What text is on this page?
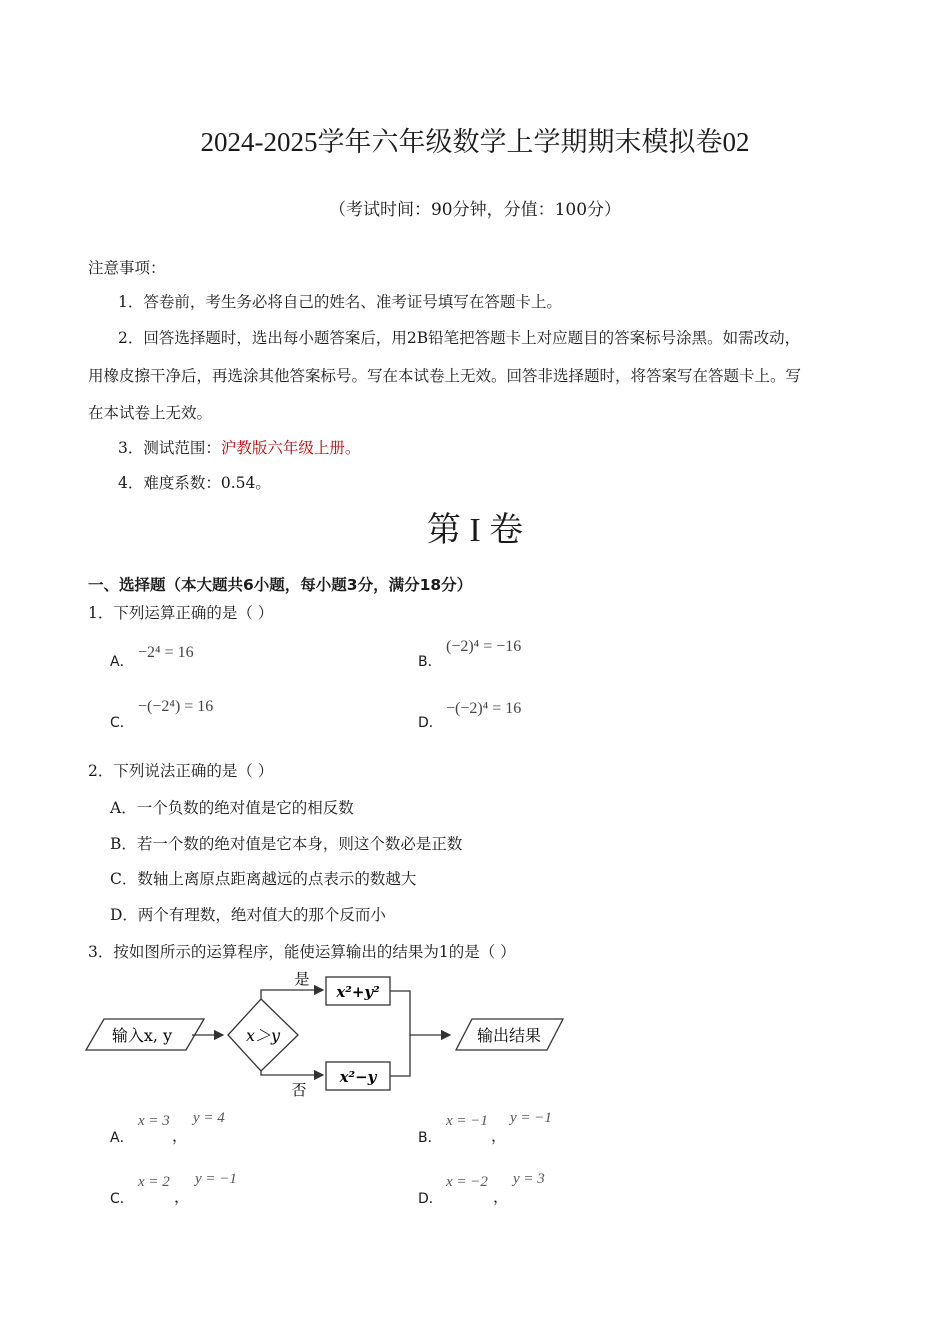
2024-2025学年六年级数学上学期期末模拟卷02
（考试时间：90分钟，分值：100分）
注意事项：
1．答卷前，考生务必将自己的姓名、准考证号填写在答题卡上。
2．回答选择题时，选出每小题答案后，用2B铅笔把答题卡上对应题目的答案标号涂黑。如需改动，
用橡皮擦干净后，再选涂其他答案标号。写在本试卷上无效。回答非选择题时，将答案写在答题卡上。写
在本试卷上无效。
3．测试范围：沪教版六年级上册。
4．难度系数：0.54。
第 I 卷
一、选择题（本大题共6小题，每小题3分，满分18分）
1．下列运算正确的是（ ）
A．
−2⁴ = 16
B．
(−2)⁴ = −16
C．
−(−2⁴) = 16
D．
−(−2)⁴ = 16
2．下列说法正确的是（ ）
A．一个负数的绝对值是它的相反数
B．若一个数的绝对值是它本身，则这个数必是正数
C．数轴上离原点距离越远的点表示的数越大
D．两个有理数，绝对值大的那个反而小
3．按如图所示的运算程序，能使运算输出的结果为1的是（ ）
输入x, y	x＞y
是
x²+y²
否
x²−y
输出结果
A．
x = 3
，
y = 4
B．
x = −1
，
y = −1
C．
x = 2
，
y = −1
D．
x = −2
，
y = 3
